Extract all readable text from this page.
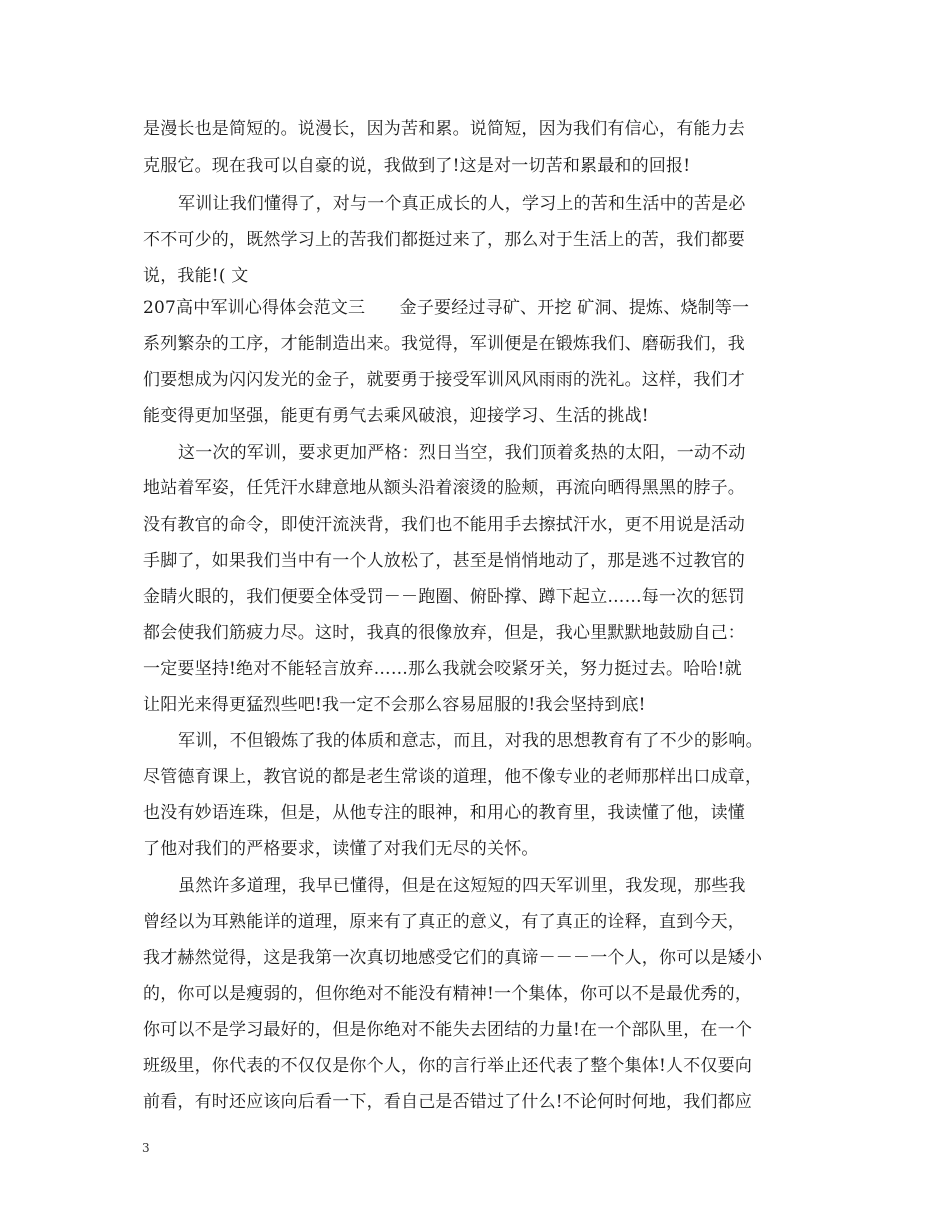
是漫长也是简短的。说漫长，因为苦和累。说简短，因为我们有信心，有能力去
克服它。现在我可以自豪的说，我做到了!这是对一切苦和累最和的回报!
军训让我们懂得了，对与一个真正成长的人，学习上的苦和生活中的苦是必
不不可少的，既然学习上的苦我们都挺过来了，那么对于生活上的苦，我们都要
说，我能!( 文
207高中军训心得体会范文三　　金子要经过寻矿、开挖 矿洞、提炼、烧制等一
系列繁杂的工序，才能制造出来。我觉得，军训便是在锻炼我们、磨砺我们，我
们要想成为闪闪发光的金子，就要勇于接受军训风风雨雨的洗礼。这样，我们才
能变得更加坚强，能更有勇气去乘风破浪，迎接学习、生活的挑战!
这一次的军训，要求更加严格：烈日当空，我们顶着炙热的太阳，一动不动
地站着军姿，任凭汗水肆意地从额头沿着滚烫的脸颊，再流向晒得黑黑的脖子。
没有教官的命令，即使汗流浃背，我们也不能用手去擦拭汗水，更不用说是活动
手脚了，如果我们当中有一个人放松了，甚至是悄悄地动了，那是逃不过教官的
金睛火眼的，我们便要全体受罚－－跑圈、俯卧撑、蹲下起立……每一次的惩罚
都会使我们筋疲力尽。这时，我真的很像放弃，但是，我心里默默地鼓励自己：
一定要坚持!绝对不能轻言放弃……那么我就会咬紧牙关，努力挺过去。哈哈!就
让阳光来得更猛烈些吧!我一定不会那么容易屈服的!我会坚持到底!
军训，不但锻炼了我的体质和意志，而且，对我的思想教育有了不少的影响。
尽管德育课上，教官说的都是老生常谈的道理，他不像专业的老师那样出口成章，
也没有妙语连珠，但是，从他专注的眼神，和用心的教育里，我读懂了他，读懂
了他对我们的严格要求，读懂了对我们无尽的关怀。
虽然许多道理，我早已懂得，但是在这短短的四天军训里，我发现，那些我
曾经以为耳熟能详的道理，原来有了真正的意义，有了真正的诠释，直到今天，
我才赫然觉得，这是我第一次真切地感受它们的真谛－－－一个人，你可以是矮小
的，你可以是瘦弱的，但你绝对不能没有精神!一个集体，你可以不是最优秀的，
你可以不是学习最好的，但是你绝对不能失去团结的力量!在一个部队里，在一个
班级里，你代表的不仅仅是你个人，你的言行举止还代表了整个集体!人不仅要向
前看，有时还应该向后看一下，看自己是否错过了什么!不论何时何地，我们都应
3
